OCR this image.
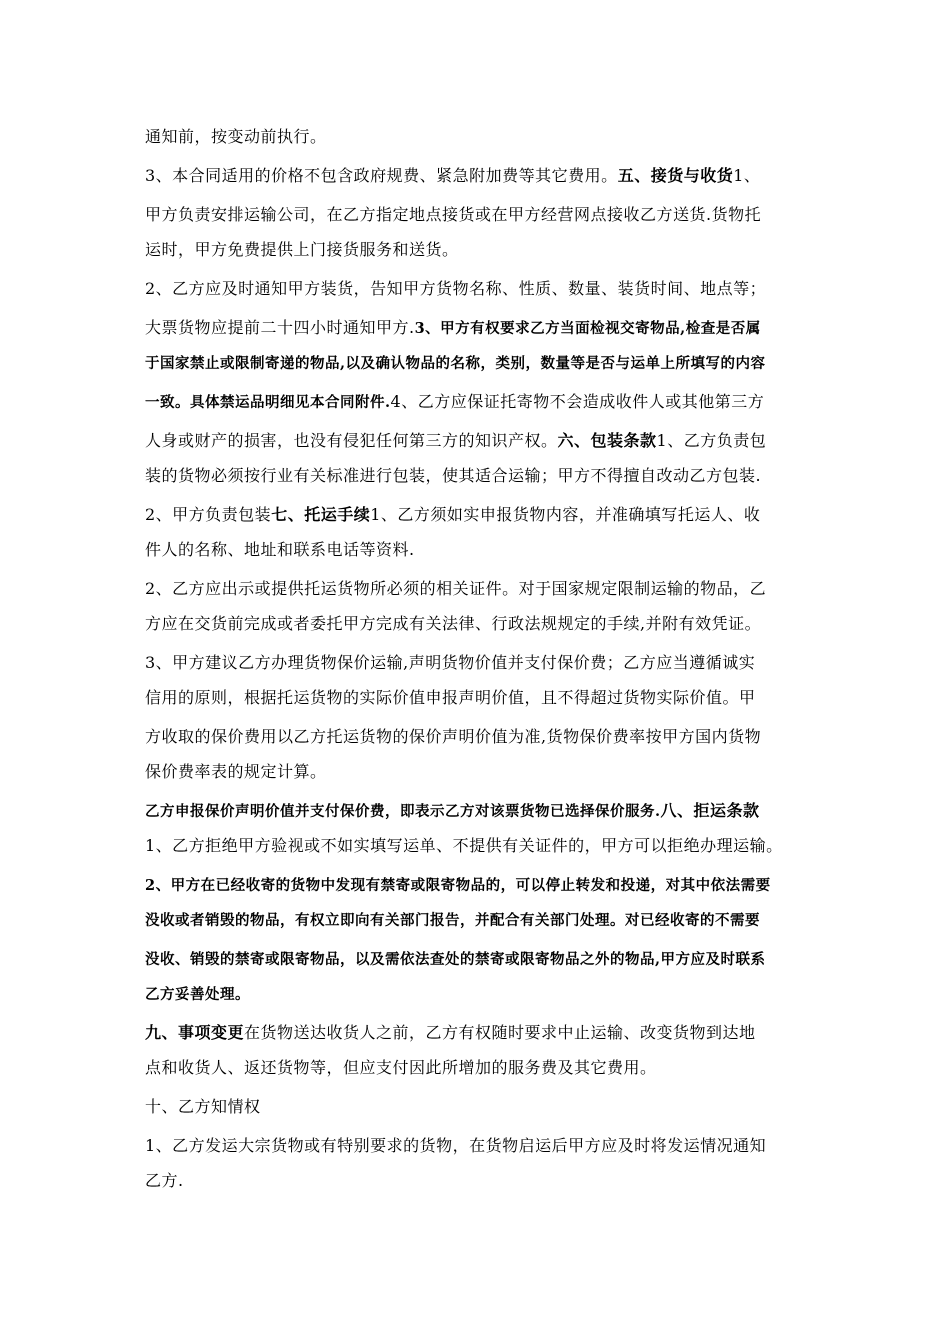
通知前，按变动前执行。
3、本合同适用的价格不包含政府规费、紧急附加费等其它费用。五、接货与收货1、
甲方负责安排运输公司，在乙方指定地点接货或在甲方经营网点接收乙方送货.货物托
运时，甲方免费提供上门接货服务和送货。
2、乙方应及时通知甲方装货，告知甲方货物名称、性质、数量、装货时间、地点等；
大票货物应提前二十四小时通知甲方.3、甲方有权要求乙方当面检视交寄物品,检查是否属
于国家禁止或限制寄递的物品,以及确认物品的名称，类别，数量等是否与运单上所填写的内容
一致。具体禁运品明细见本合同附件.4、乙方应保证托寄物不会造成收件人或其他第三方
人身或财产的损害，也没有侵犯任何第三方的知识产权。六、包装条款1、乙方负责包
装的货物必须按行业有关标准进行包装，使其适合运输；甲方不得擅自改动乙方包装.
2、甲方负责包装七、托运手续1、乙方须如实申报货物内容，并准确填写托运人、收
件人的名称、地址和联系电话等资料.
2、乙方应出示或提供托运货物所必须的相关证件。对于国家规定限制运输的物品，乙
方应在交货前完成或者委托甲方完成有关法律、行政法规规定的手续,并附有效凭证。
3、甲方建议乙方办理货物保价运输,声明货物价值并支付保价费；乙方应当遵循诚实
信用的原则，根据托运货物的实际价值申报声明价值，且不得超过货物实际价值。甲
方收取的保价费用以乙方托运货物的保价声明价值为准,货物保价费率按甲方国内货物
保价费率表的规定计算。
乙方申报保价声明价值并支付保价费，即表示乙方对该票货物已选择保价服务.八、拒运条款
1、乙方拒绝甲方验视或不如实填写运单、不提供有关证件的，甲方可以拒绝办理运输。
2、甲方在已经收寄的货物中发现有禁寄或限寄物品的，可以停止转发和投递，对其中依法需要
没收或者销毁的物品，有权立即向有关部门报告，并配合有关部门处理。对已经收寄的不需要
没收、销毁的禁寄或限寄物品，以及需依法查处的禁寄或限寄物品之外的物品,甲方应及时联系
乙方妥善处理。
九、事项变更在货物送达收货人之前，乙方有权随时要求中止运输、改变货物到达地
点和收货人、返还货物等，但应支付因此所增加的服务费及其它费用。
十、乙方知情权
1、乙方发运大宗货物或有特别要求的货物，在货物启运后甲方应及时将发运情况通知
乙方.
